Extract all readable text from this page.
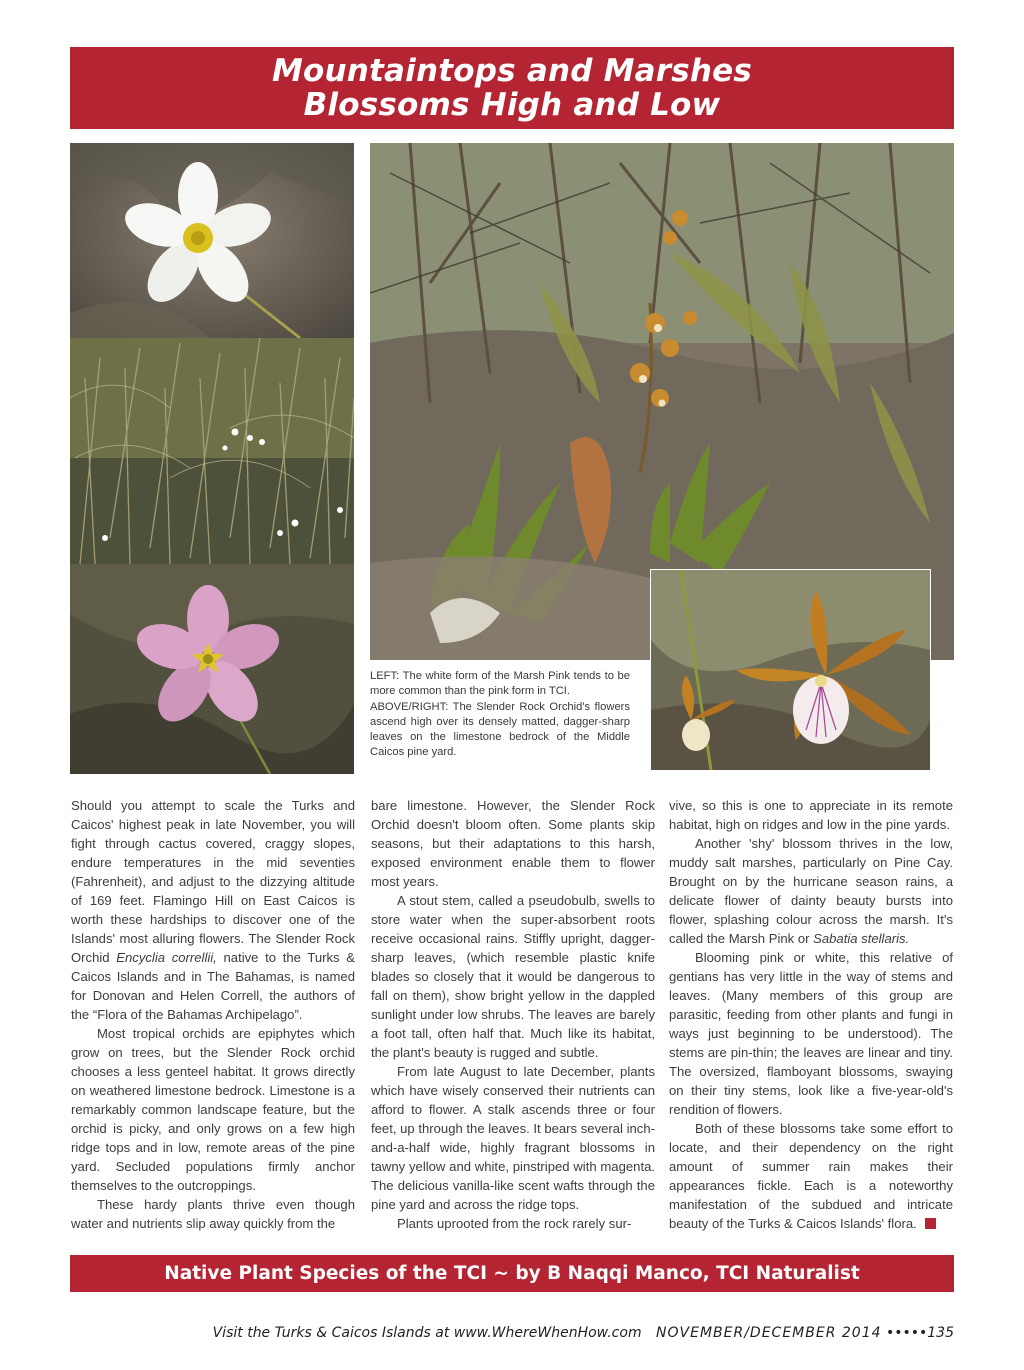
Mountaintops and Marshes
Blossoms High and Low

LEFT: The white form of the Marsh Pink tends to be more common than the pink form in TCI.

ABOVE/RIGHT: The Slender Rock Orchid's flowers ascend high over its densely matted, dagger-sharp leaves on the limestone bedrock of the Middle Caicos pine yard.

Should you attempt to scale the Turks and Caicos' highest peak in late November, you will fight through cactus covered, craggy slopes, endure temperatures in the mid seventies (Fahrenheit), and adjust to the dizzying altitude of 169 feet. Flamingo Hill on East Caicos is worth these hardships to discover one of the Islands' most alluring flowers. The Slender Rock Orchid Encyclia correllii, native to the Turks & Caicos Islands and in The Bahamas, is named for Donovan and Helen Correll, the authors of the “Flora of the Bahamas Archipelago”.

Most tropical orchids are epiphytes which grow on trees, but the Slender Rock orchid chooses a less genteel habitat. It grows directly on weathered limestone bedrock. Limestone is a remarkably common landscape feature, but the orchid is picky, and only grows on a few high ridge tops and in low, remote areas of the pine yard. Secluded populations firmly anchor themselves to the outcroppings.

These hardy plants thrive even though water and nutrients slip away quickly from the

bare limestone. However, the Slender Rock Orchid doesn't bloom often. Some plants skip seasons, but their adaptations to this harsh, exposed environment enable them to flower most years.

A stout stem, called a pseudobulb, swells to store water when the super-absorbent roots receive occasional rains. Stiffly upright, dagger-sharp leaves, (which resemble plastic knife blades so closely that it would be dangerous to fall on them), show bright yellow in the dappled sunlight under low shrubs. The leaves are barely a foot tall, often half that. Much like its habitat, the plant's beauty is rugged and subtle.

From late August to late December, plants which have wisely conserved their nutrients can afford to flower. A stalk ascends three or four feet, up through the leaves. It bears several inch-and-a-half wide, highly fragrant blossoms in tawny yellow and white, pinstriped with magenta. The delicious vanilla-like scent wafts through the pine yard and across the ridge tops.

Plants uprooted from the rock rarely sur-

vive, so this is one to appreciate in its remote habitat, high on ridges and low in the pine yards.

Another 'shy' blossom thrives in the low, muddy salt marshes, particularly on Pine Cay. Brought on by the hurricane season rains, a delicate flower of dainty beauty bursts into flower, splashing colour across the marsh. It's called the Marsh Pink or Sabatia stellaris.

Blooming pink or white, this relative of gentians has very little in the way of stems and leaves. (Many members of this group are parasitic, feeding from other plants and fungi in ways just beginning to be understood). The stems are pin-thin; the leaves are linear and tiny. The oversized, flamboyant blossoms, swaying on their tiny stems, look like a five-year-old's rendition of flowers.

Both of these blossoms take some effort to locate, and their dependency on the right amount of summer rain makes their appearances fickle. Each is a noteworthy manifestation of the subdued and intricate beauty of the Turks & Caicos Islands' flora.

Native Plant Species of the TCI ~ by B Naqqi Manco, TCI Naturalist
Visit the Turks & Caicos Islands at www.WhereWhenHow.com NOVEMBER/DECEMBER 2014 •••••135
